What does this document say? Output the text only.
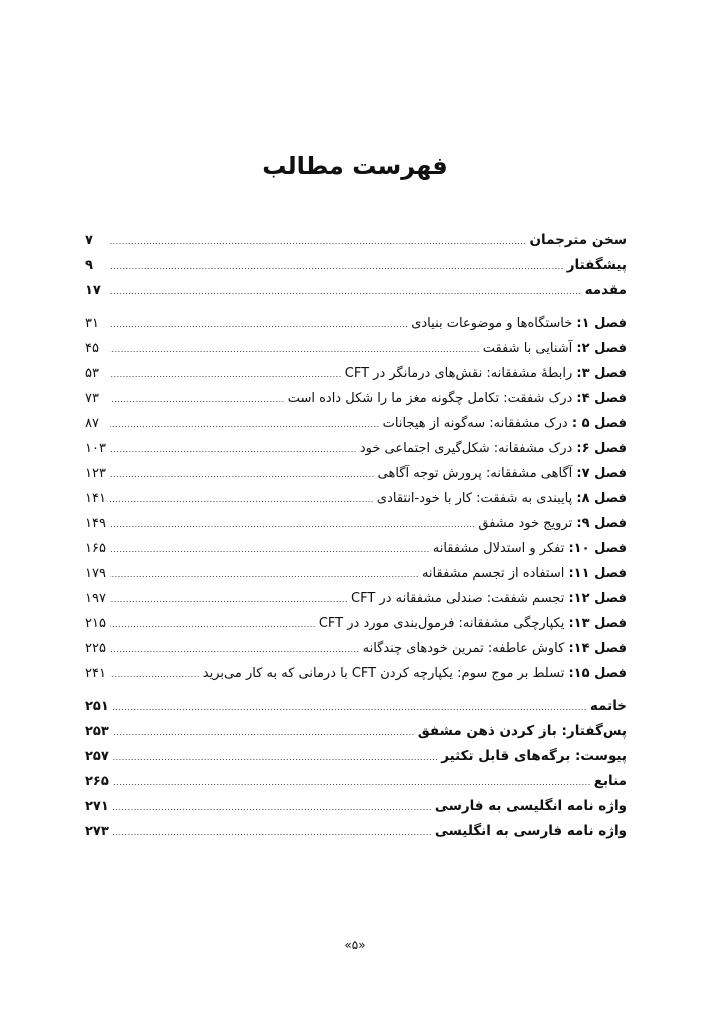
فهرست مطالب
سخن مترجمان
.....
۷
پیشگفتار
.....
۹
مقدمه
.....
۱۷
فصل ۱: خاستگاه‌ها و موضوعات بنیادی
.....
۳۱
فصل ۲: آشنایی با شفقت
.....
۴۵
فصل ۳: رابطهٔ مشفقانه: نقش‌های درمانگر در CFT
.....
۵۳
فصل ۴: درک شفقت: تکامل چگونه مغز ما را شکل داده است
.....
۷۳
فصل ۵ : درک مشفقانه: سه‌گونه از هیجانات
.....
۸۷
فصل ۶: درک مشفقانه: شکل‌گیری اجتماعی خود
.....
۱۰۳
فصل ۷: آگاهی مشفقانه: پرورش توجه آگاهی
.....
۱۲۳
فصل ۸: پایبندی به شفقت: کار با خود-انتقادی
.....
۱۴۱
فصل ۹: ترویج خود مشفق
.....
۱۴۹
فصل ۱۰: تفکر و استدلال مشفقانه
.....
۱۶۵
فصل ۱۱: استفاده از تجسم مشفقانه
.....
۱۷۹
فصل ۱۲: تجسم شفقت: صندلی مشفقانه در CFT
.....
۱۹۷
فصل ۱۳: یکپارچگی مشفقانه: فرمول‌بندی مورد در CFT
.....
۲۱۵
فصل ۱۴: کاوش عاطفه: تمرین خودهای چندگانه
.....
۲۲۵
فصل ۱۵: تسلط بر موج سوم: یکپارچه کردن CFT با درمانی که به کار می‌برید
.....
۲۴۱
خاتمه
.....
۲۵۱
پس‌گفتار: باز کردن ذهن مشفق
.....
۲۵۳
پیوست: برگه‌های قابل تکثیر
.....
۲۵۷
منابع
.....
۲۶۵
واژه نامه انگلیسی به فارسی
.....
۲۷۱
واژه نامه فارسی به انگلیسی
.....
۲۷۳
«۵»
